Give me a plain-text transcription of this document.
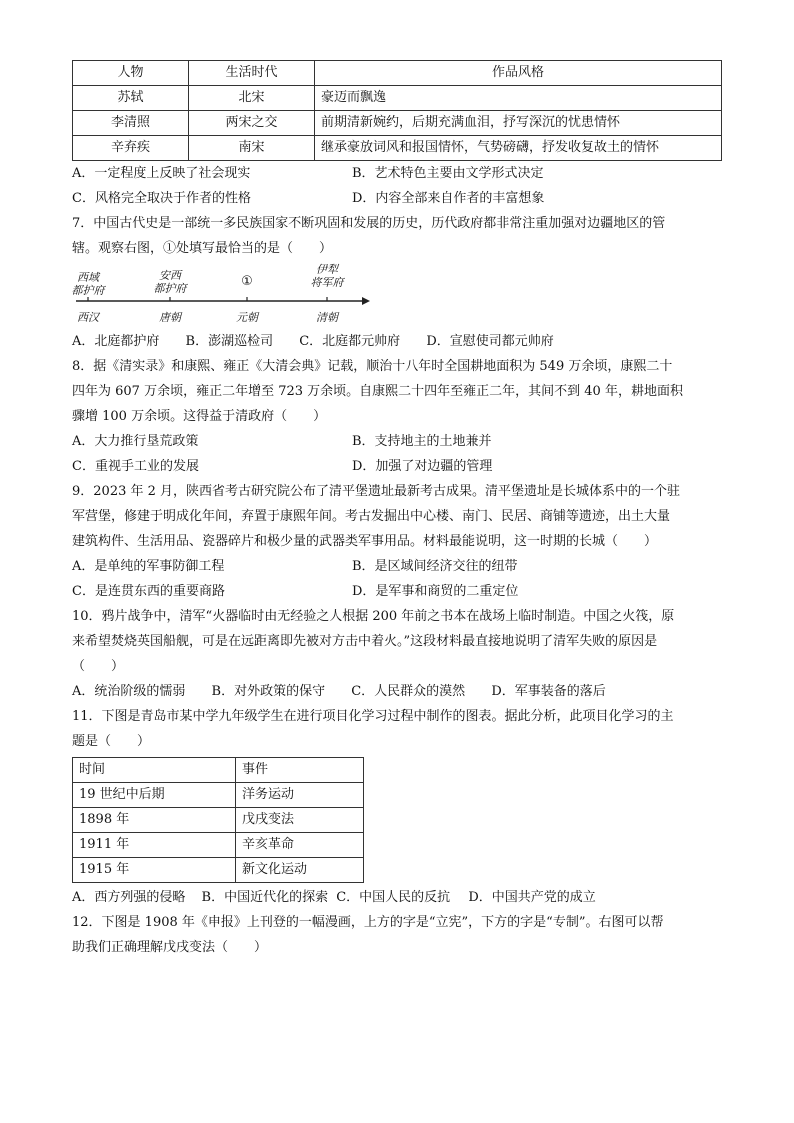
人物	生活时代	作品风格
苏轼	北宋	豪迈而飘逸
李清照	两宋之交	前期清新婉约，后期充满血泪，抒写深沉的忧患情怀
辛弃疾	南宋	继承豪放词风和报国情怀，气势磅礴，抒发收复故土的情怀
A．一定程度上反映了社会现实	B．艺术特色主要由文学形式决定
C．风格完全取决于作者的性格	D．内容全部来自作者的丰富想象
7．中国古代史是一部统一多民族国家不断巩固和发展的历史，历代政府都非常注重加强对边疆地区的管
辖。观察右图，①处填写最恰当的是（　　）
西域
都护府
安西
都护府	①
伊犁
将军府
西汉	唐朝	元朝	清朝
A．北庭都护府 B．澎湖巡检司 C．北庭都元帅府 D．宣慰使司都元帅府
8．据《清实录》和康熙、雍正《大清会典》记载，顺治十八年时全国耕地面积为 549 万余顷，康熙二十
四年为 607 万余顷，雍正二年增至 723 万余顷。自康熙二十四年至雍正二年，其间不到 40 年，耕地面积
骤增 100 万余顷。这得益于清政府（　　）
A．大力推行垦荒政策	B．支持地主的土地兼并
C．重视手工业的发展	D．加强了对边疆的管理
9．2023 年 2 月，陕西省考古研究院公布了清平堡遗址最新考古成果。清平堡遗址是长城体系中的一个驻
军营堡，修建于明成化年间，弃置于康熙年间。考古发掘出中心楼、南门、民居、商铺等遗迹，出土大量
建筑构件、生活用品、瓷器碎片和极少量的武器类军事用品。材料最能说明，这一时期的长城（　　）
A．是单纯的军事防御工程	B．是区域间经济交往的纽带
C．是连贯东西的重要商路	D．是军事和商贸的二重定位
10．鸦片战争中，清军“火器临时由无经验之人根据 200 年前之书本在战场上临时制造。中国之火筏，原
来希望焚烧英国船舰，可是在远距离即先被对方击中着火。”这段材料最直接地说明了清军失败的原因是
（　　）
A．统治阶级的懦弱 B．对外政策的保守 C．人民群众的漠然 D．军事装备的落后
11．下图是青岛市某中学九年级学生在进行项目化学习过程中制作的图表。据此分析，此项目化学习的主
题是（　　）
时间	事件
19 世纪中后期	洋务运动
1898 年	戊戌变法
1911 年	辛亥革命
1915 年	新文化运动
A．西方列强的侵略 B．中国近代化的探索 C．中国人民的反抗 D．中国共产党的成立
12．下图是 1908 年《申报》上刊登的一幅漫画，上方的字是“立宪”，下方的字是“专制”。右图可以帮
助我们正确理解戊戌变法（　　）
